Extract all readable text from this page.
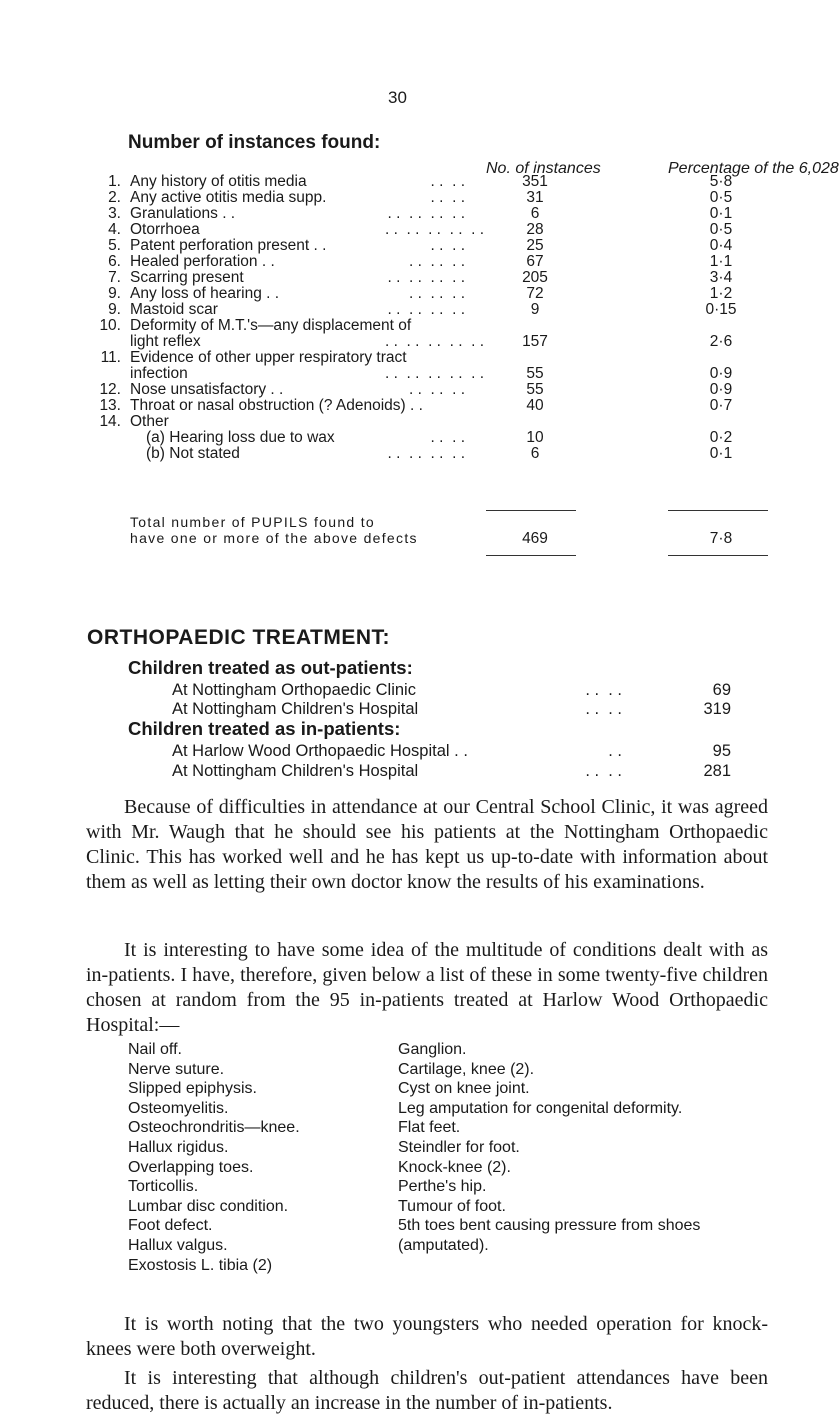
30
Number of instances found:
No. of instances	Percentage of the 6,028
1. Any history of otitis media	. .  . .	351	5·8
2. Any active otitis media supp.	. .  . .	31	0·5
3. Granulations . .	. .  . .  . .  . .	6	0·1
4. Otorrhoea	. .  . .  . .  . .  . .	28	0·5
5. Patent perforation present . .	. .  . .	25	0·4
6. Healed perforation . .	. .  . .  . .	67	1·1
7. Scarring present	. .  . .  . .  . .	205	3·4
9. Any loss of hearing . .	. .  . .  . .	72	1·2
9. Mastoid scar	. .  . .  . .  . .	9	0·15
10. Deformity of M.T.'s—any displacement of
light reflex	. .  . .  . .  . .  . .	157	2·6
11. Evidence of other upper respiratory tract
infection	. .  . .  . .  . .  . .	55	0·9
12. Nose unsatisfactory . .	. .  . .  . .	55	0·9
13. Throat or nasal obstruction (? Adenoids) . .	40	0·7
14. Other
(a) Hearing loss due to wax	. .  . .	10	0·2
(b) Not stated	. .  . .  . .  . .	6	0·1
Total number of PUPILS found to
have one or more of the above defects	469	7·8
ORTHOPAEDIC TREATMENT:
Children treated as out-patients:
At Nottingham Orthopaedic Clinic	. .  . .	69
At Nottingham Children's Hospital	. .  . .	319
Children treated as in-patients:
At Harlow Wood Orthopaedic Hospital . .	. .	95
At Nottingham Children's Hospital	. .  . .	281
Because of difficulties in attendance at our Central School Clinic, it was agreed with Mr. Waugh that he should see his patients at the Nottingham Orthopaedic Clinic. This has worked well and he has kept us up-to-date with information about them as well as letting their own doctor know the results of his examinations.
It is interesting to have some idea of the multitude of conditions dealt with as in-patients. I have, therefore, given below a list of these in some twenty-five children chosen at random from the 95 in-patients treated at Harlow Wood Orthopaedic Hospital:—
Nail off.
Nerve suture.
Slipped epiphysis.
Osteomyelitis.
Osteochrondritis—knee.
Hallux rigidus.
Overlapping toes.
Torticollis.
Lumbar disc condition.
Foot defect.
Hallux valgus.
Exostosis L. tibia (2)
Ganglion.
Cartilage, knee (2).
Cyst on knee joint.
Leg amputation for congenital deformity.
Flat feet.
Steindler for foot.
Knock-knee (2).
Perthe's hip.
Tumour of foot.
5th toes bent causing pressure from shoes
(amputated).
It is worth noting that the two youngsters who needed operation for knock-knees were both overweight.
It is interesting that although children's out-patient attendances have been reduced, there is actually an increase in the number of in-patients.
